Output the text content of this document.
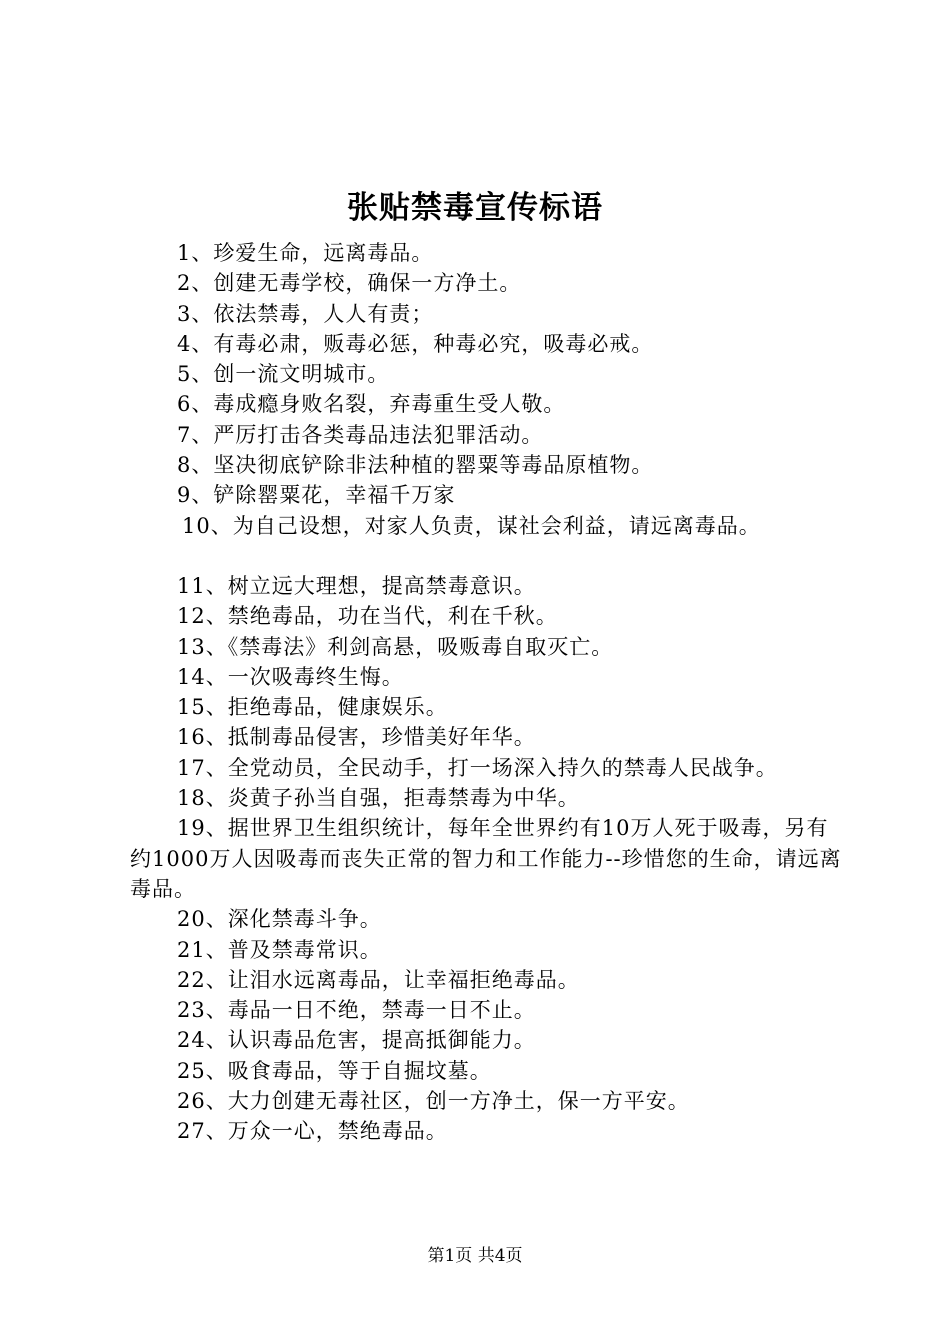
张贴禁毒宣传标语

1、珍爱生命，远离毒品。

2、创建无毒学校，确保一方净土。

3、依法禁毒，人人有责；

4、有毒必肃，贩毒必惩，种毒必究，吸毒必戒。

5、创一流文明城市。

6、毒成瘾身败名裂，弃毒重生受人敬。

7、严厉打击各类毒品违法犯罪活动。

8、坚决彻底铲除非法种植的罂粟等毒品原植物。

9、铲除罂粟花，幸福千万家

10、为自己设想，对家人负责，谋社会利益，请远离毒品。

11、树立远大理想，提高禁毒意识。

12、禁绝毒品，功在当代，利在千秋。

13、《禁毒法》利剑高悬，吸贩毒自取灭亡。

14、一次吸毒终生悔。

15、拒绝毒品，健康娱乐。

16、抵制毒品侵害，珍惜美好年华。

17、全党动员，全民动手，打一场深入持久的禁毒人民战争。

18、炎黄子孙当自强，拒毒禁毒为中华。

19、据世界卫生组织统计，每年全世界约有10万人死于吸毒，另有约1000万人因吸毒而丧失正常的智力和工作能力--珍惜您的生命，请远离毒品。

20、深化禁毒斗争。

21、普及禁毒常识。

22、让泪水远离毒品，让幸福拒绝毒品。

23、毒品一日不绝，禁毒一日不止。

24、认识毒品危害，提高抵御能力。

25、吸食毒品，等于自掘坟墓。

26、大力创建无毒社区，创一方净土，保一方平安。

27、万众一心，禁绝毒品。

第1页 共4页
